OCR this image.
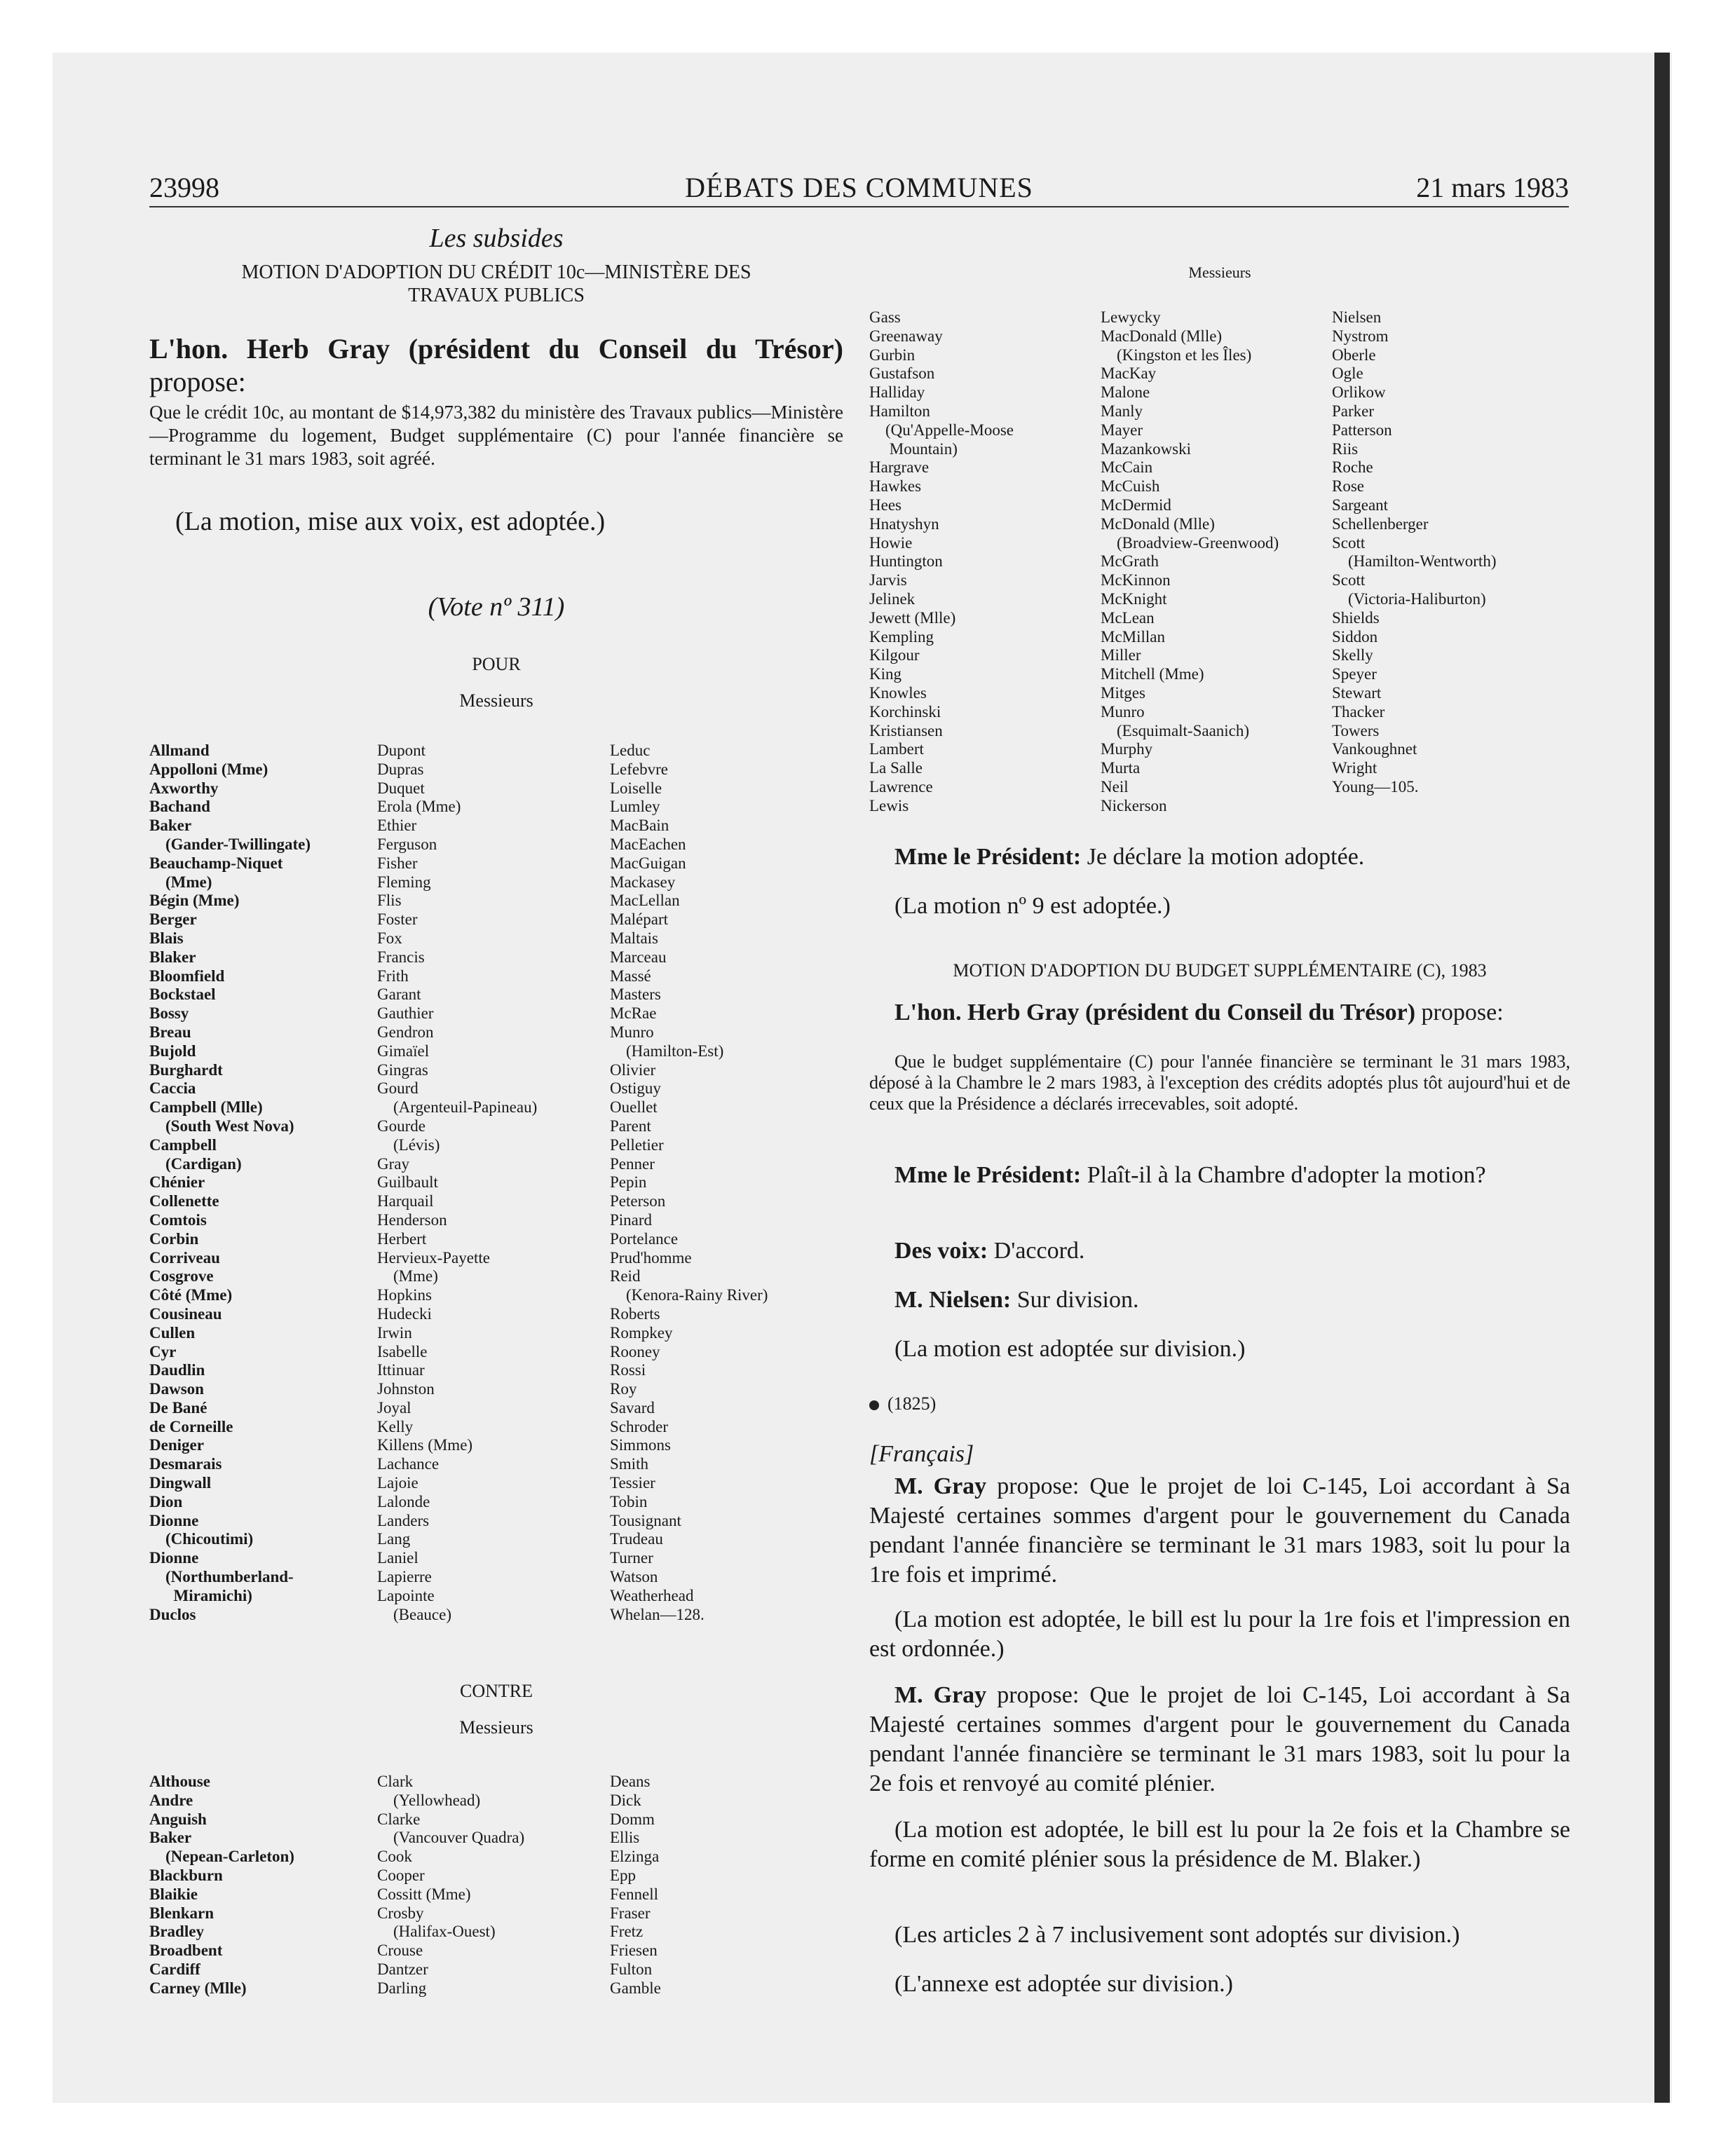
23998	DÉBATS DES COMMUNES	21 mars 1983
Les subsides
MOTION D'ADOPTION DU CRÉDIT 10c—MINISTÈRE DES TRAVAUX PUBLICS
L'hon. Herb Gray (président du Conseil du Trésor) propose:
Que le crédit 10c, au montant de $14,973,382 du ministère des Travaux publics—Ministère—Programme du logement, Budget supplémentaire (C) pour l'année financière se terminant le 31 mars 1983, soit agréé.
(La motion, mise aux voix, est adoptée.)
(Vote nº 311)
POUR
Messieurs
Allmand
Appolloni (Mme)
Axworthy
Bachand
Baker
(Gander-Twillingate)
Beauchamp-Niquet
(Mme)
Bégin (Mme)
Berger
Blais
Blaker
Bloomfield
Bockstael
Bossy
Breau
Bujold
Burghardt
Caccia
Campbell (Mlle)
(South West Nova)
Campbell
(Cardigan)
Chénier
Collenette
Comtois
Corbin
Corriveau
Cosgrove
Côté (Mme)
Cousineau
Cullen
Cyr
Daudlin
Dawson
De Bané
de Corneille
Deniger
Desmarais
Dingwall
Dion
Dionne
(Chicoutimi)
Dionne
(Northumberland-
Miramichi)
Duclos
Dupont
Dupras
Duquet
Erola (Mme)
Ethier
Ferguson
Fisher
Fleming
Flis
Foster
Fox
Francis
Frith
Garant
Gauthier
Gendron
Gimaïel
Gingras
Gourd
(Argenteuil-Papineau)
Gourde
(Lévis)
Gray
Guilbault
Harquail
Henderson
Herbert
Hervieux-Payette
(Mme)
Hopkins
Hudecki
Irwin
Isabelle
Ittinuar
Johnston
Joyal
Kelly
Killens (Mme)
Lachance
Lajoie
Lalonde
Landers
Lang
Laniel
Lapierre
Lapointe
(Beauce)
Leduc
Lefebvre
Loiselle
Lumley
MacBain
MacEachen
MacGuigan
Mackasey
MacLellan
Malépart
Maltais
Marceau
Massé
Masters
McRae
Munro
(Hamilton-Est)
Olivier
Ostiguy
Ouellet
Parent
Pelletier
Penner
Pepin
Peterson
Pinard
Portelance
Prud'homme
Reid
(Kenora-Rainy River)
Roberts
Rompkey
Rooney
Rossi
Roy
Savard
Schroder
Simmons
Smith
Tessier
Tobin
Tousignant
Trudeau
Turner
Watson
Weatherhead
Whelan—128.
CONTRE
Messieurs
Althouse
Andre
Anguish
Baker
(Nepean-Carleton)
Blackburn
Blaikie
Blenkarn
Bradley
Broadbent
Cardiff
Carney (Mlle)
Clark
(Yellowhead)
Clarke
(Vancouver Quadra)
Cook
Cooper
Cossitt (Mme)
Crosby
(Halifax-Ouest)
Crouse
Dantzer
Darling
Deans
Dick
Domm
Ellis
Elzinga
Epp
Fennell
Fraser
Fretz
Friesen
Fulton
Gamble
Messieurs
Gass
Greenaway
Gurbin
Gustafson
Halliday
Hamilton
(Qu'Appelle-Moose
Mountain)
Hargrave
Hawkes
Hees
Hnatyshyn
Howie
Huntington
Jarvis
Jelinek
Jewett (Mlle)
Kempling
Kilgour
King
Knowles
Korchinski
Kristiansen
Lambert
La Salle
Lawrence
Lewis
Lewycky
MacDonald (Mlle)
(Kingston et les Îles)
MacKay
Malone
Manly
Mayer
Mazankowski
McCain
McCuish
McDermid
McDonald (Mlle)
(Broadview-Greenwood)
McGrath
McKinnon
McKnight
McLean
McMillan
Miller
Mitchell (Mme)
Mitges
Munro
(Esquimalt-Saanich)
Murphy
Murta
Neil
Nickerson
Nielsen
Nystrom
Oberle
Ogle
Orlikow
Parker
Patterson
Riis
Roche
Rose
Sargeant
Schellenberger
Scott
(Hamilton-Wentworth)
Scott
(Victoria-Haliburton)
Shields
Siddon
Skelly
Speyer
Stewart
Thacker
Towers
Vankoughnet
Wright
Young—105.
Mme le Président: Je déclare la motion adoptée.
(La motion nº 9 est adoptée.)
MOTION D'ADOPTION DU BUDGET SUPPLÉMENTAIRE (C), 1983
L'hon. Herb Gray (président du Conseil du Trésor) propose:
Que le budget supplémentaire (C) pour l'année financière se terminant le 31 mars 1983, déposé à la Chambre le 2 mars 1983, à l'exception des crédits adoptés plus tôt aujourd'hui et de ceux que la Présidence a déclarés irrecevables, soit adopté.
Mme le Président: Plaît-il à la Chambre d'adopter la motion?
Des voix: D'accord.
M. Nielsen: Sur division.
(La motion est adoptée sur division.)
(1825)
[Français]
M. Gray propose: Que le projet de loi C-145, Loi accordant à Sa Majesté certaines sommes d'argent pour le gouvernement du Canada pendant l'année financière se terminant le 31 mars 1983, soit lu pour la 1re fois et imprimé.
(La motion est adoptée, le bill est lu pour la 1re fois et l'impression en est ordonnée.)
M. Gray propose: Que le projet de loi C-145, Loi accordant à Sa Majesté certaines sommes d'argent pour le gouvernement du Canada pendant l'année financière se terminant le 31 mars 1983, soit lu pour la 2e fois et renvoyé au comité plénier.
(La motion est adoptée, le bill est lu pour la 2e fois et la Chambre se forme en comité plénier sous la présidence de M. Blaker.)
(Les articles 2 à 7 inclusivement sont adoptés sur division.)
(L'annexe est adoptée sur division.)
